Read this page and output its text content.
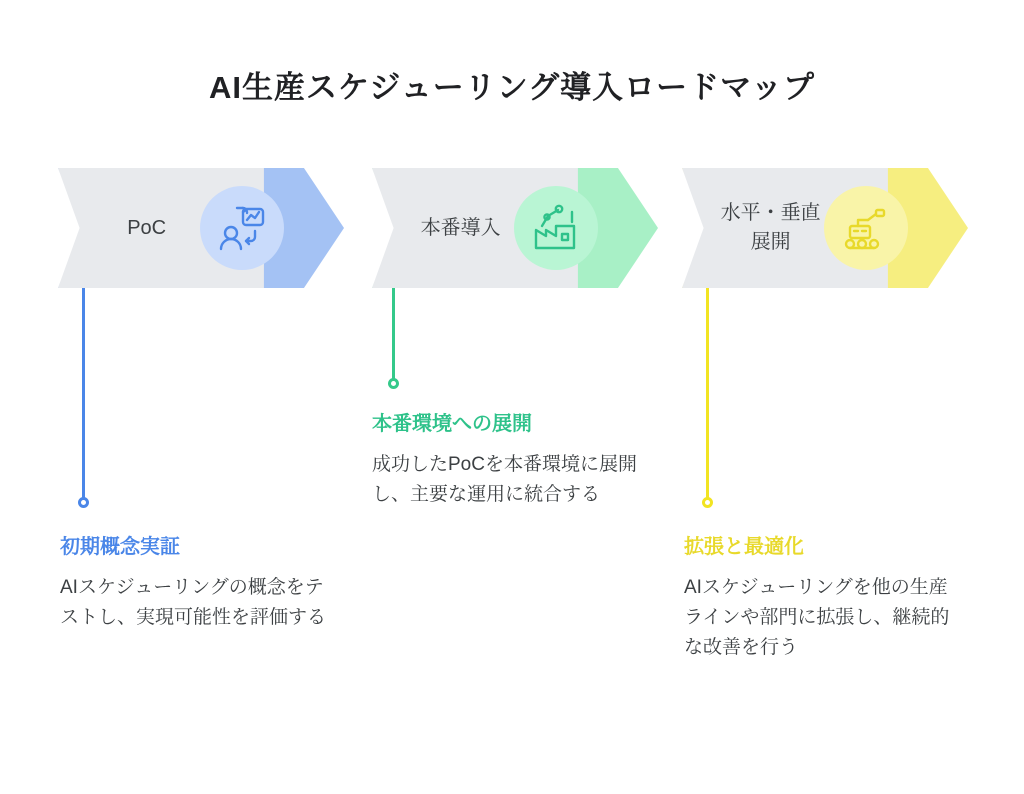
AI生産スケジューリング導入ロードマップ
PoC
初期概念実証
AIスケジューリングの概念をテストし、実現可能性を評価する
本番導入
本番環境への展開
成功したPoCを本番環境に展開し、主要な運用に統合する
水平・垂直展開
拡張と最適化
AIスケジューリングを他の生産ラインや部門に拡張し、継続的な改善を行う
